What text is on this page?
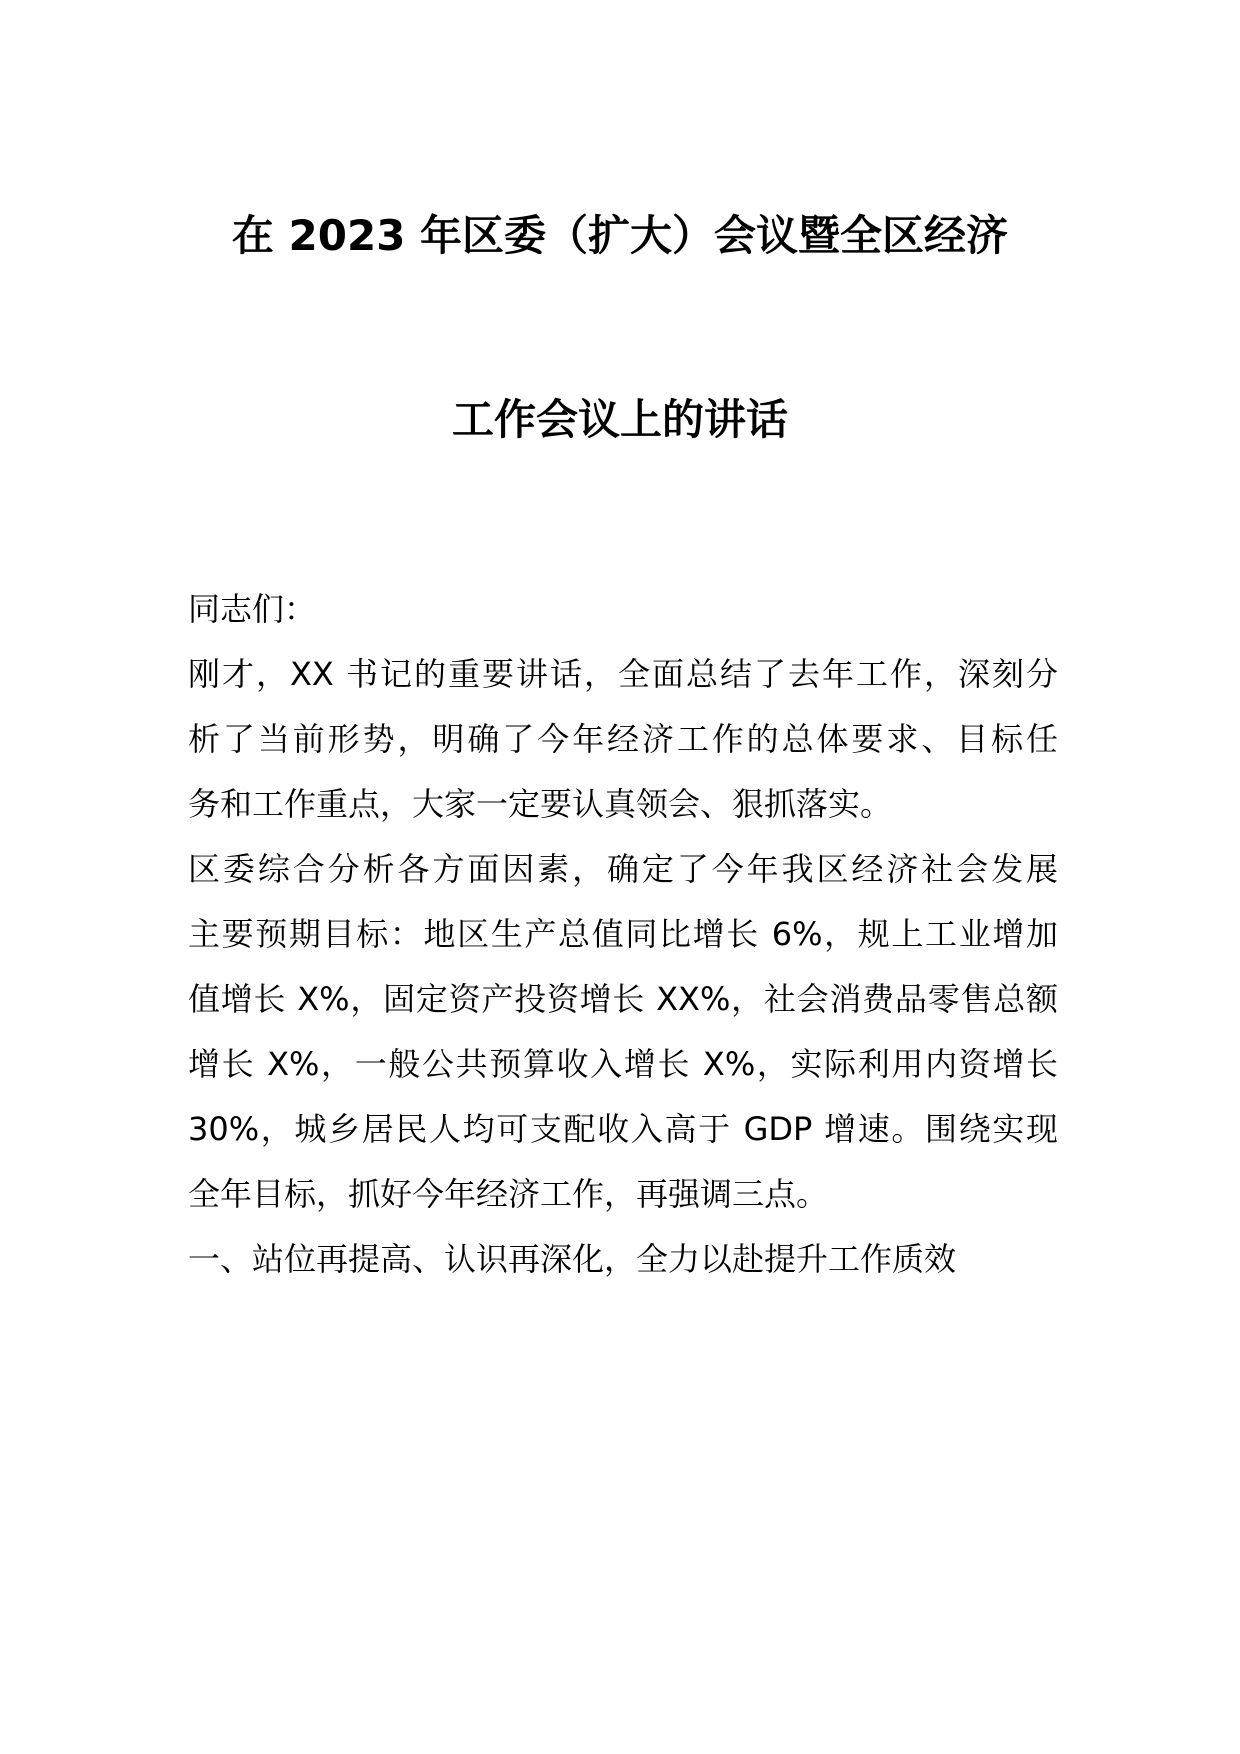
在 2023 年区委（扩大）会议暨全区经济
工作会议上的讲话
同志们：
刚才，XX 书记的重要讲话，全面总结了去年工作，深刻分
析了当前形势，明确了今年经济工作的总体要求、目标任
务和工作重点，大家一定要认真领会、狠抓落实。
区委综合分析各方面因素，确定了今年我区经济社会发展
主要预期目标：地区生产总值同比增长 6%，规上工业增加
值增长 X%，固定资产投资增长 XX%，社会消费品零售总额
增长 X%，一般公共预算收入增长 X%，实际利用内资增长
30%，城乡居民人均可支配收入高于 GDP 增速。围绕实现
全年目标，抓好今年经济工作，再强调三点。
一、站位再提高、认识再深化，全力以赴提升工作质效
